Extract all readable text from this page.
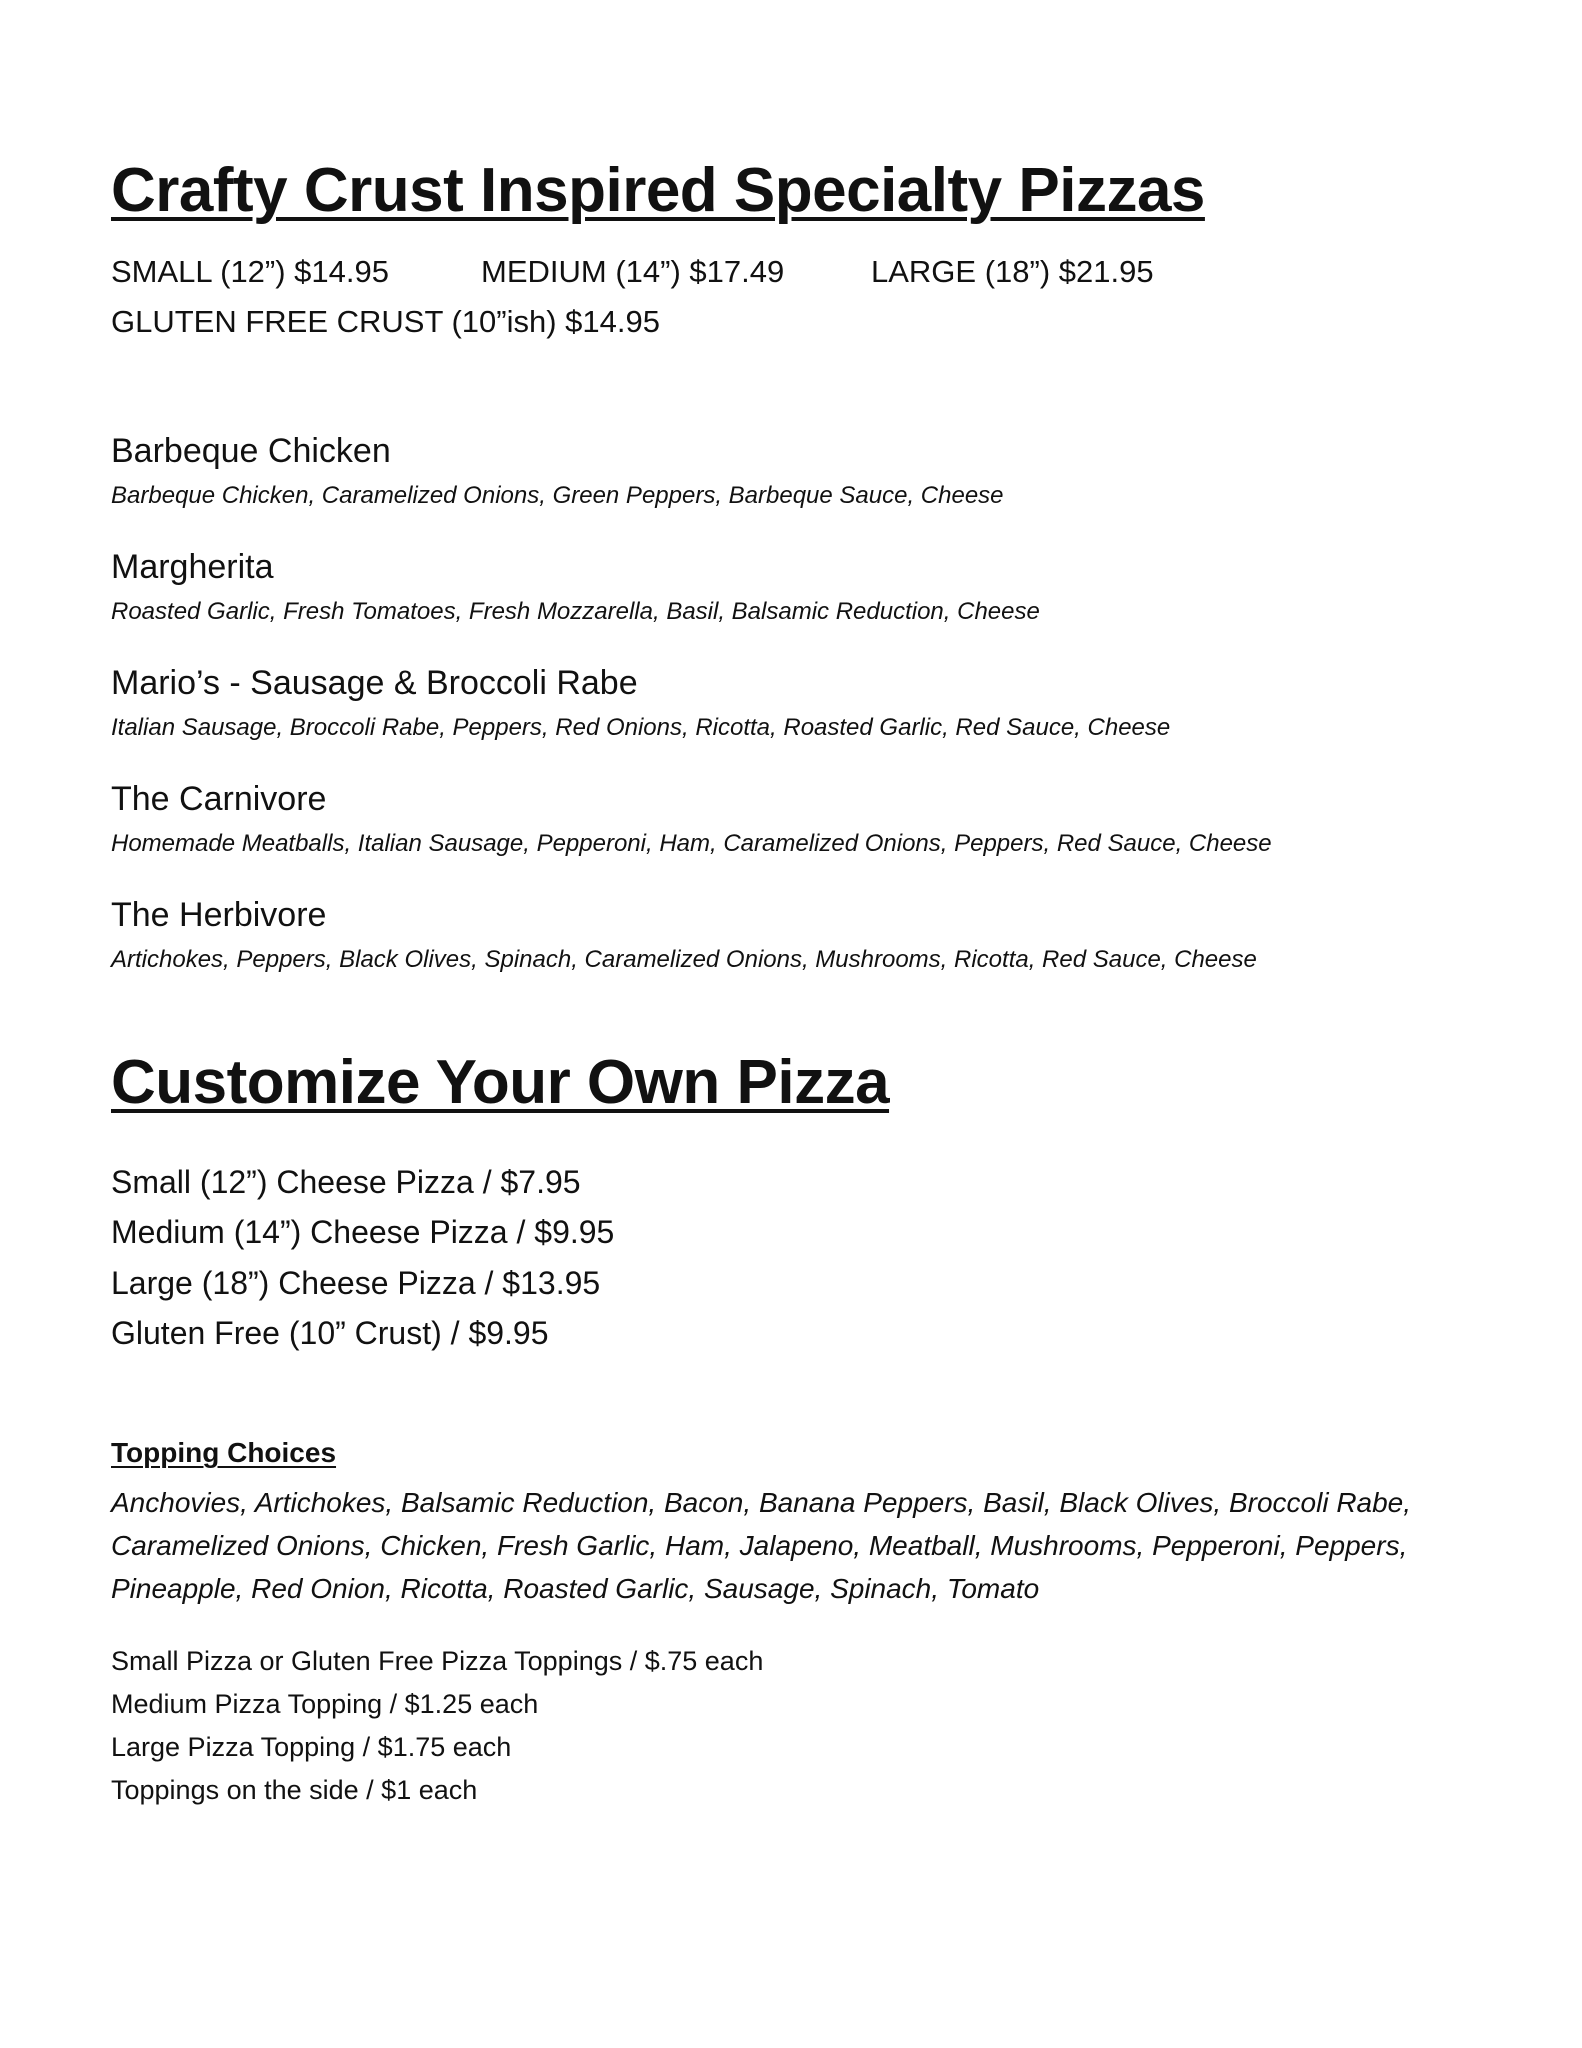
Crafty Crust Inspired Specialty Pizzas
SMALL (12”) $14.95	MEDIUM (14”) $17.49	LARGE (18”) $21.95
GLUTEN FREE CRUST (10”ish) $14.95
Barbeque Chicken
Barbeque Chicken, Caramelized Onions, Green Peppers, Barbeque Sauce, Cheese
Margherita
Roasted Garlic, Fresh Tomatoes, Fresh Mozzarella, Basil, Balsamic Reduction, Cheese
Mario’s - Sausage & Broccoli Rabe
Italian Sausage, Broccoli Rabe, Peppers, Red Onions, Ricotta, Roasted Garlic, Red Sauce, Cheese
The Carnivore
Homemade Meatballs, Italian Sausage, Pepperoni, Ham, Caramelized Onions, Peppers, Red Sauce, Cheese
The Herbivore
Artichokes, Peppers, Black Olives, Spinach, Caramelized Onions, Mushrooms, Ricotta, Red Sauce, Cheese
Customize Your Own Pizza
Small (12”) Cheese Pizza / $7.95
Medium (14”) Cheese Pizza / $9.95
Large (18”) Cheese Pizza / $13.95
Gluten Free (10” Crust) / $9.95
Topping Choices
Anchovies, Artichokes, Balsamic Reduction, Bacon, Banana Peppers, Basil, Black Olives, Broccoli Rabe,
Caramelized Onions, Chicken, Fresh Garlic, Ham, Jalapeno, Meatball, Mushrooms, Pepperoni, Peppers,
Pineapple, Red Onion, Ricotta, Roasted Garlic, Sausage, Spinach, Tomato
Small Pizza or Gluten Free Pizza Toppings / $.75 each
Medium Pizza Topping / $1.25 each
Large Pizza Topping / $1.75 each
Toppings on the side / $1 each
